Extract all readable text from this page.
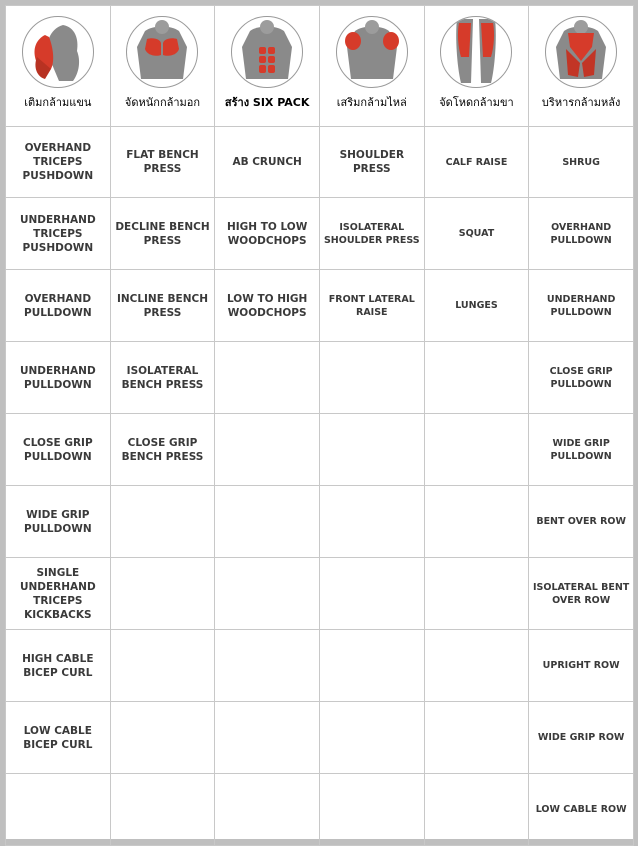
เติมกล้ามแขน	จัดหนักกล้ามอก	สร้าง SIX PACK	เสริมกล้ามไหล่	จัดโหดกล้ามขา	บริหารกล้ามหลัง

OVERHAND TRICEPS PUSHDOWN	FLAT BENCH PRESS	AB CRUNCH	SHOULDER PRESS	CALF RAISE	SHRUG
UNDERHAND TRICEPS PUSHDOWN	DECLINE BENCH PRESS	HIGH TO LOW WOODCHOPS	ISOLATERAL SHOULDER PRESS	SQUAT	OVERHAND PULLDOWN
OVERHAND PULLDOWN	INCLINE BENCH PRESS	LOW TO HIGH WOODCHOPS	FRONT LATERAL RAISE	LUNGES	UNDERHAND PULLDOWN
UNDERHAND PULLDOWN	ISOLATERAL BENCH PRESS				CLOSE GRIP PULLDOWN
CLOSE GRIP PULLDOWN	CLOSE GRIP BENCH PRESS				WIDE GRIP PULLDOWN
WIDE GRIP PULLDOWN					BENT OVER ROW
SINGLE UNDERHAND TRICEPS KICKBACKS					ISOLATERAL BENT OVER ROW
HIGH CABLE BICEP CURL					UPRIGHT ROW
LOW CABLE BICEP CURL					WIDE GRIP ROW
					LOW CABLE ROW
